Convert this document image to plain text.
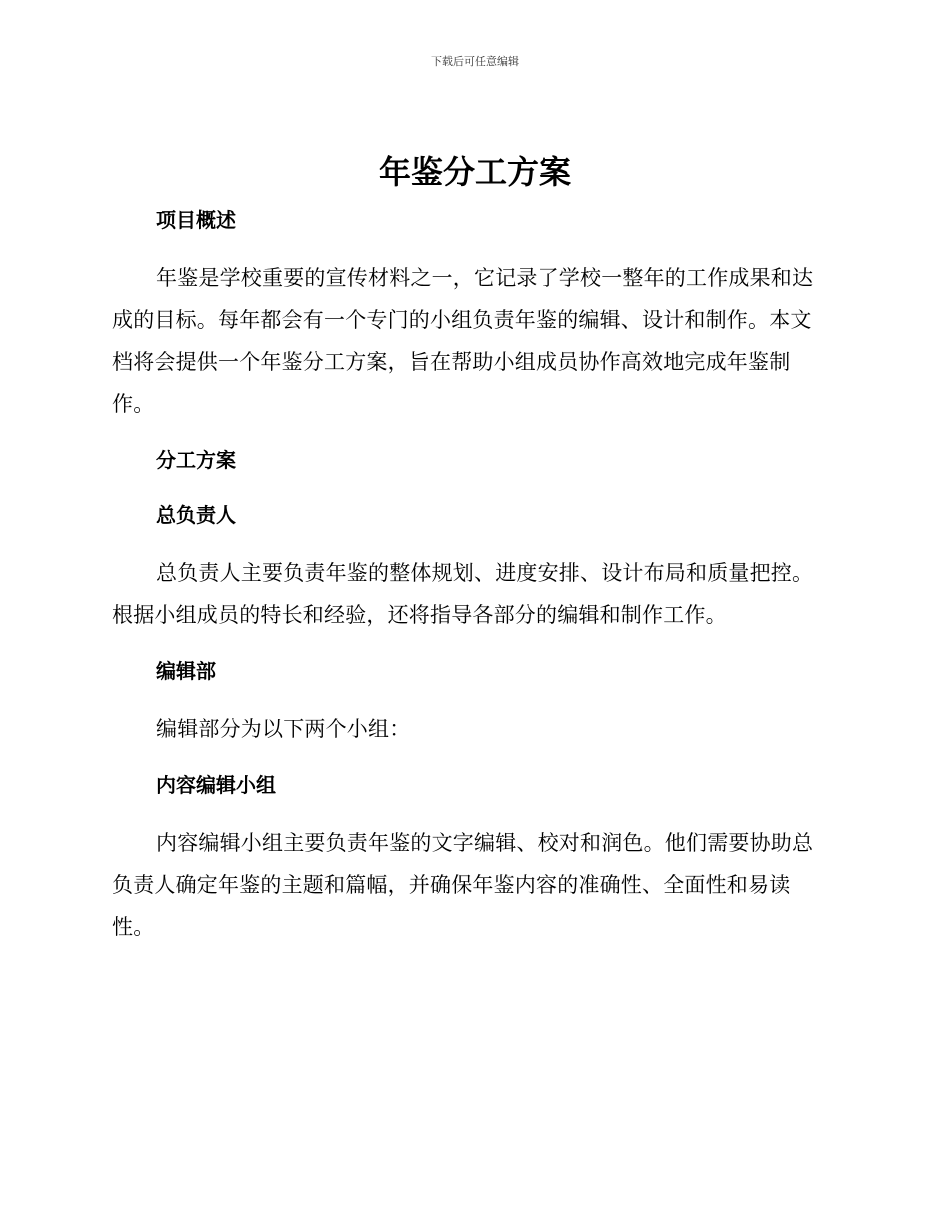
下载后可任意编辑
年鉴分工方案
项目概述

年鉴是学校重要的宣传材料之一，它记录了学校一整年的工作成果和达成的目标。每年都会有一个专门的小组负责年鉴的编辑、设计和制作。本文档将会提供一个年鉴分工方案，旨在帮助小组成员协作高效地完成年鉴制作。

分工方案
总负责人

总负责人主要负责年鉴的整体规划、进度安排、设计布局和质量把控。根据小组成员的特长和经验，还将指导各部分的编辑和制作工作。

编辑部

编辑部分为以下两个小组：

内容编辑小组

内容编辑小组主要负责年鉴的文字编辑、校对和润色。他们需要协助总负责人确定年鉴的主题和篇幅，并确保年鉴内容的准确性、全面性和易读性。
